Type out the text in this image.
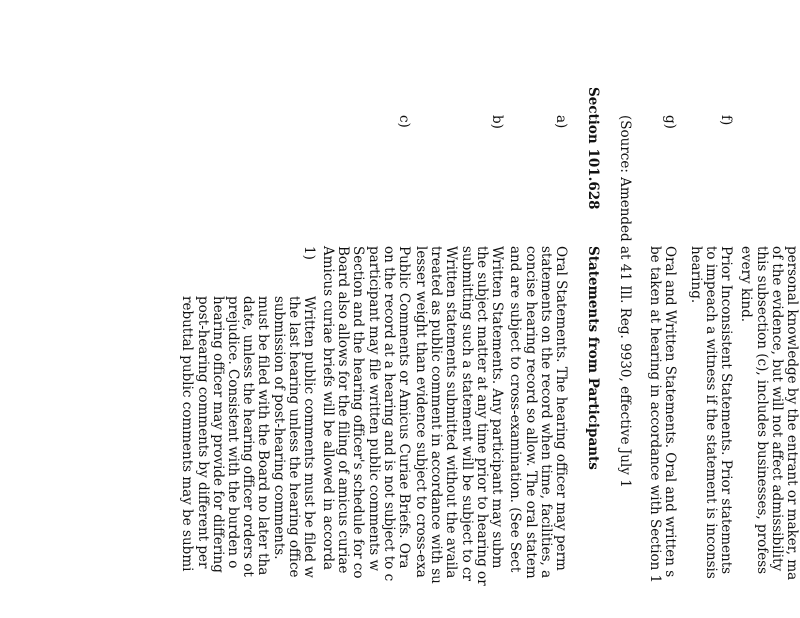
personal knowledge by the entrant or maker, ma
of the evidence, but will not affect admissibility
this subsection (c), includes businesses, profess
every kind.
f)
Prior Inconsistent Statements. Prior statements
to impeach a witness if the statement is inconsis
hearing.
g)
Oral and Written Statements. Oral and written s
be taken at hearing in accordance with Section 1
(Source: Amended at 41 Ill. Reg. 9930, effective July 1
Section 101.628
Statements from Participants
a)
Oral Statements. The hearing officer may perm
statements on the record when time, facilities, a
concise hearing record so allow. The oral statem
and are subject to cross-examination. (See Sect
b)
Written Statements. Any participant may subm
the subject matter at any time prior to hearing or
submitting such a statement will be subject to cr
Written statements submitted without the availa
treated as public comment in accordance with su
lesser weight than evidence subject to cross-exa
c)
Public Comments or Amicus Curiae Briefs. Ora
on the record at a hearing and is not subject to c
participant may file written public comments w
Section and the hearing officer's schedule for co
Board also allows for the filing of amicus curiae
Amicus curiae briefs will be allowed in accorda
1)
Written public comments must be filed w
the last hearing unless the hearing office
submission of post-hearing comments.
must be filed with the Board no later tha
date, unless the hearing officer orders ot
prejudice. Consistent with the burden o
hearing officer may provide for differing
post-hearing comments by different per
rebuttal public comments may be submi
